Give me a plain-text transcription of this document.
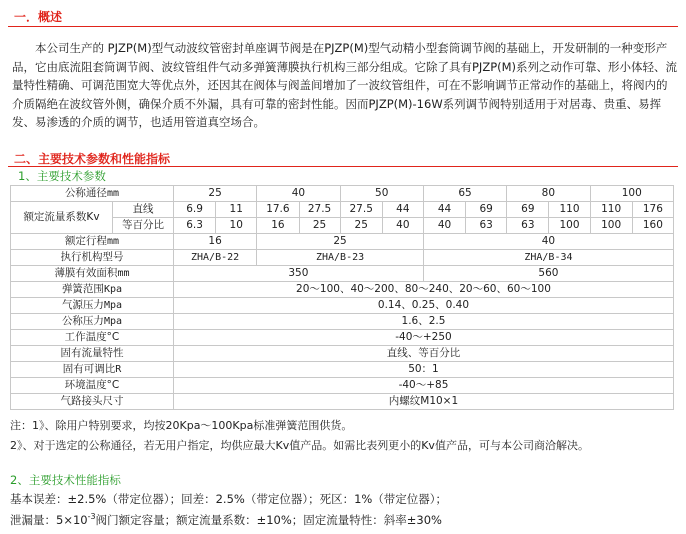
一．概述
本公司生产的 PJZP(M)型气动波纹管密封单座调节阀是在PJZP(M)型气动精小型套筒调节阀的基础上，开发研制的一种变形产品，它由底流阻套筒调节阀、波纹管组件气动多弹簧薄膜执行机构三部分组成。它除了具有PJZP(M)系列之动作可靠、形小体轻、流量特性精确、可调范围宽大等优点外，还因其在阀体与阀盖间增加了一波纹管组件，可在不影响调节正常动作的基础上，将阀内的介质隔绝在波纹管外侧，确保介质不外漏，具有可靠的密封性能。因而PJZP(M)-16W系列调节阀特别适用于对居毒、贵重、易挥发、易渗透的介质的调节，也适用管道真空场合。
二、主要技术参数和性能指标
1、主要技术参数
公称通径mm		25		40		50		65		80		100	
额定流量系数Kv	直线	6.9	11	17.6	27.5	27.5	44	44	69	69	110	110	176
	等百分比	6.3	10	16	25	25	40	40	63	63	100	100	160
额定行程mm		16		25				40					
执行机构型号		ZHA/B-22		ZHA/B-23				ZHA/B-34					
薄膜有效面积mm		350						560					
弹簧范围Kpa		20～100、40～200、80～240、20～60、60～100											
气源压力Mpa		0.14、0.25、0.40											
公称压力Mpa		1.6、2.5											
工作温度°C		-40～+250											
固有流量特性		直线、等百分比											
固有可调比R		50：1											
环境温度°C		-40～+85											
气路接头尺寸		内螺纹M10×1											
注：1》、除用户特别要求，均按20Kpa～100Kpa标准弹簧范围供货。
2》、对于选定的公称通径，若无用户指定，均供应最大Kv值产品。如需比表列更小的Kv值产品，可与本公司商洽解决。
2、主要技术性能指标
基本误差：±2.5%（带定位器）；回差：2.5%（带定位器）；死区：1%（带定位器）；
泄漏量：$5\times 10^{-3}$阀门额定容量；额定流量系数：±10%；固定流量特性：斜率±30%
